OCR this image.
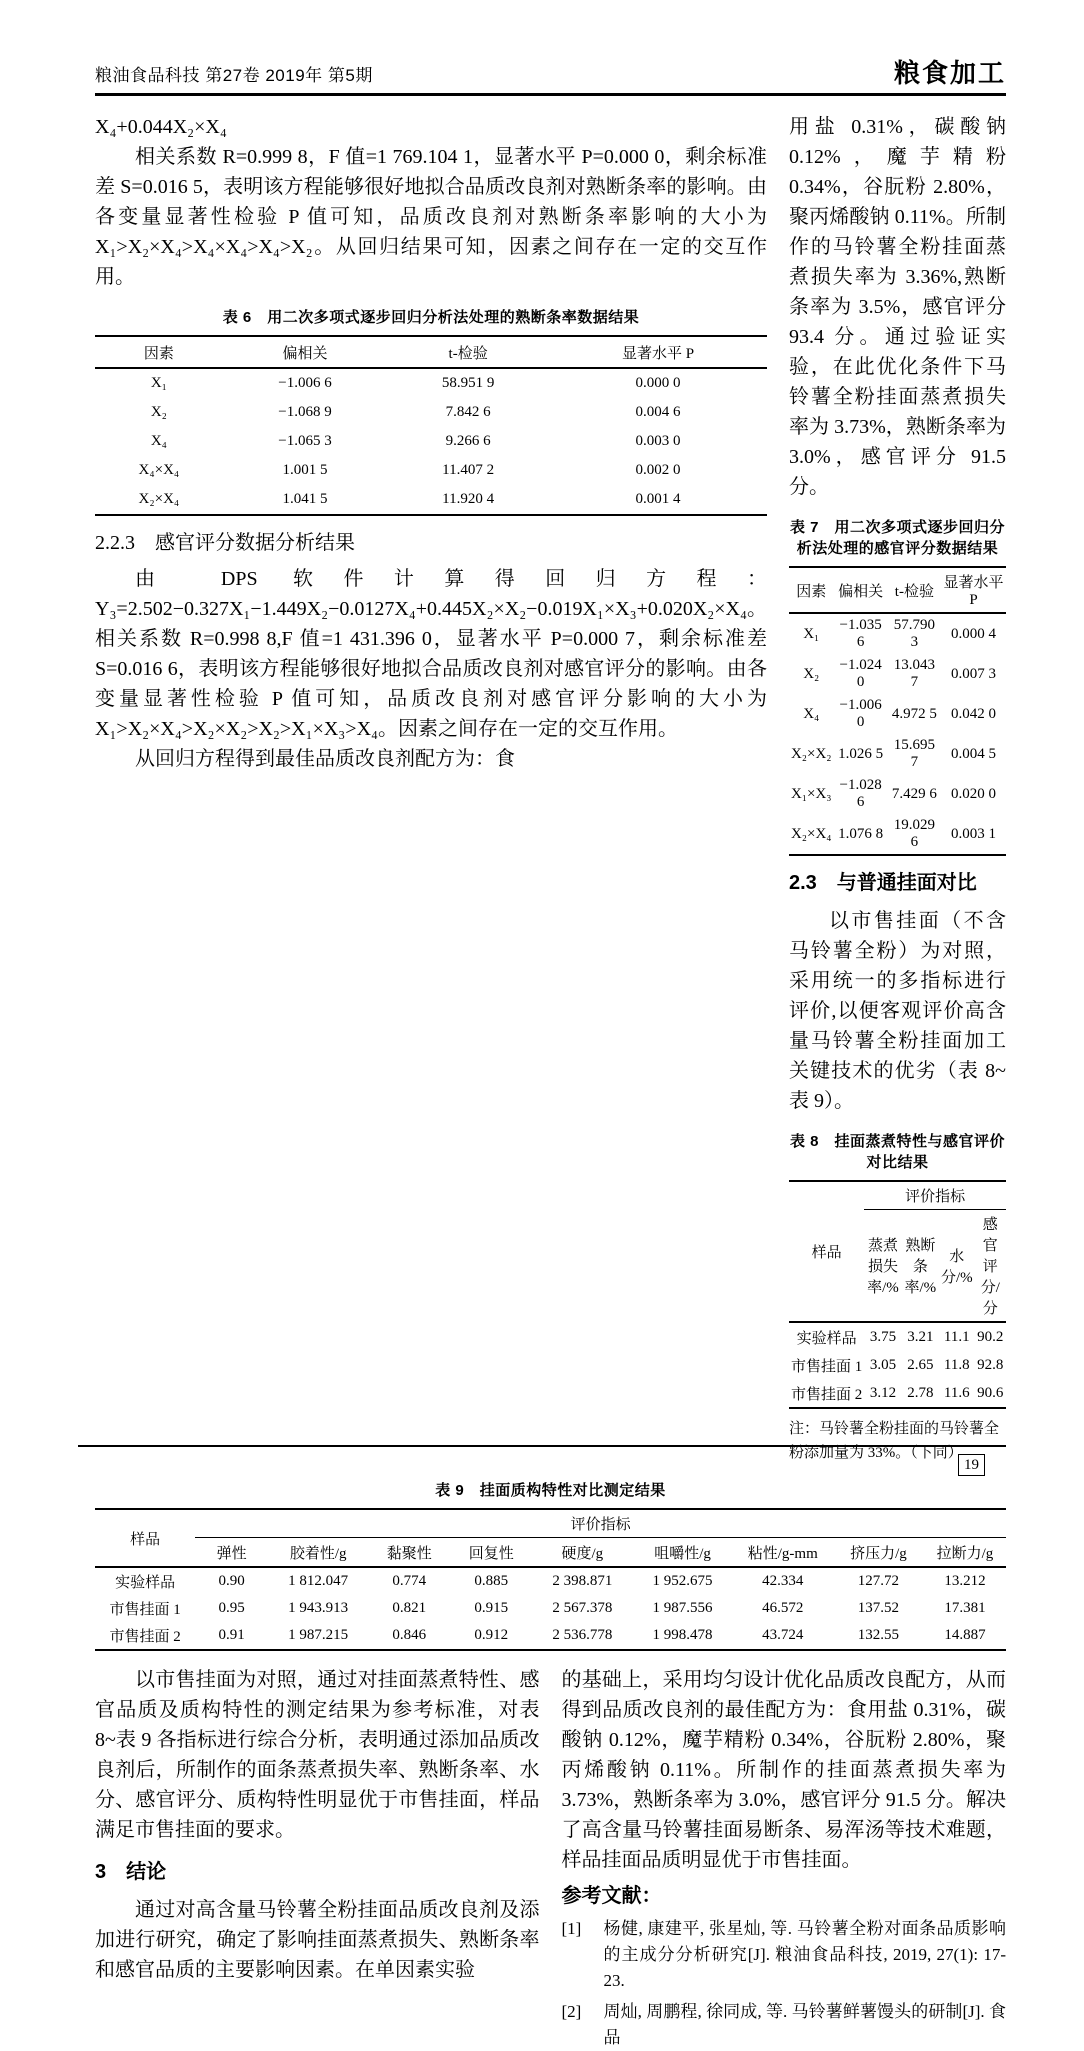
粮油食品科技 第27卷 2019年 第5期	粮食加工

X₄+0.044X₂×X₄

相关系数 R=0.999 8，F 值=1 769.104 1，显著水平 P=0.000 0，剩余标准差 S=0.016 5，表明该方程能够很好地拟合品质改良剂对熟断条率的影响。由各变量显著性检验 P 值可知，品质改良剂对熟断条率影响的大小为 X₁>X₂×X₄>X₄×X₄>X₄>X₂。从回归结果可知，因素之间存在一定的交互作用。

表 6　用二次多项式逐步回归分析法处理的熟断条率数据结果
因素	偏相关	t-检验	显著水平 P
X₁	−1.006 6	58.951 9	0.000 0
X₂	−1.068 9	7.842 6	0.004 6
X₄	−1.065 3	9.266 6	0.003 0
X₄×X₄	1.001 5	11.407 2	0.002 0
X₂×X₄	1.041 5	11.920 4	0.001 4
2.2.3　感官评分数据分析结果

由 DPS 软件计算得回归方程：Y₃=2.502−0.327X₁−1.449X₂−0.0127X₄+0.445X₂×X₂−0.019X₁×X₃+0.020X₂×X₄。相关系数 R=0.998 8,F 值=1 431.396 0，显著水平 P=0.000 7，剩余标准差 S=0.016 6，表明该方程能够很好地拟合品质改良剂对感官评分的影响。由各变量显著性检验 P 值可知，品质改良剂对感官评分影响的大小为 X₁>X₂×X₄>X₂×X₂>X₂>X₁×X₃>X₄。因素之间存在一定的交互作用。

从回归方程得到最佳品质改良剂配方为：食

用盐 0.31%，碳酸钠 0.12%，魔芋精粉 0.34%，谷朊粉 2.80%，聚丙烯酸钠 0.11%。所制作的马铃薯全粉挂面蒸煮损失率为 3.36%,熟断条率为 3.5%，感官评分 93.4 分。通过验证实验，在此优化条件下马铃薯全粉挂面蒸煮损失率为 3.73%，熟断条率为 3.0%，感官评分 91.5 分。

表 7　用二次多项式逐步回归分析法处理的感官评分数据结果
因素	偏相关	t-检验	显著水平 P
X₁	−1.035 6	57.790 3	0.000 4
X₂	−1.024 0	13.043 7	0.007 3
X₄	−1.006 0	4.972 5	0.042 0
X₂×X₂	1.026 5	15.695 7	0.004 5
X₁×X₃	−1.028 6	7.429 6	0.020 0
X₂×X₄	1.076 8	19.029 6	0.003 1
2.3　与普通挂面对比

以市售挂面（不含马铃薯全粉）为对照，采用统一的多指标进行评价,以便客观评价高含量马铃薯全粉挂面加工关键技术的优劣（表 8~表 9）。

表 8　挂面蒸煮特性与感官评价对比结果
样品	评价指标			
	蒸煮损失率/%	熟断条率/%	水分/%	感官评分/分
实验样品	3.75	3.21	11.1	90.2
市售挂面 1	3.05	2.65	11.8	92.8
市售挂面 2	3.12	2.78	11.6	90.6
注：马铃薯全粉挂面的马铃薯全粉添加量为 33%。（下同）
表 9　挂面质构特性对比测定结果
样品	评价指标								
	弹性	胶着性/g	黏聚性	回复性	硬度/g	咀嚼性/g	粘性/g-mm	挤压力/g	拉断力/g
实验样品	0.90	1 812.047	0.774	0.885	2 398.871	1 952.675	42.334	127.72	13.212
市售挂面 1	0.95	1 943.913	0.821	0.915	2 567.378	1 987.556	46.572	137.52	17.381
市售挂面 2	0.91	1 987.215	0.846	0.912	2 536.778	1 998.478	43.724	132.55	14.887

以市售挂面为对照，通过对挂面蒸煮特性、感官品质及质构特性的测定结果为参考标准，对表 8~表 9 各指标进行综合分析，表明通过添加品质改良剂后，所制作的面条蒸煮损失率、熟断条率、水分、感官评分、质构特性明显优于市售挂面，样品满足市售挂面的要求。

3　结论

通过对高含量马铃薯全粉挂面品质改良剂及添加进行研究，确定了影响挂面蒸煮损失、熟断条率和感官品质的主要影响因素。在单因素实验

的基础上，采用均匀设计优化品质改良配方，从而得到品质改良剂的最佳配方为：食用盐 0.31%，碳酸钠 0.12%，魔芋精粉 0.34%，谷朊粉 2.80%，聚丙烯酸钠 0.11%。所制作的挂面蒸煮损失率为 3.73%，熟断条率为 3.0%，感官评分 91.5 分。解决了高含量马铃薯挂面易断条、易浑汤等技术难题，样品挂面品质明显优于市售挂面。

参考文献：
[1]	杨健, 康建平, 张星灿, 等. 马铃薯全粉对面条品质影响的主成分分析研究[J]. 粮油食品科技, 2019, 27(1): 17-23.
[2]	周灿, 周鹏程, 徐同成, 等. 马铃薯鲜薯馒头的研制[J]. 食品
19
